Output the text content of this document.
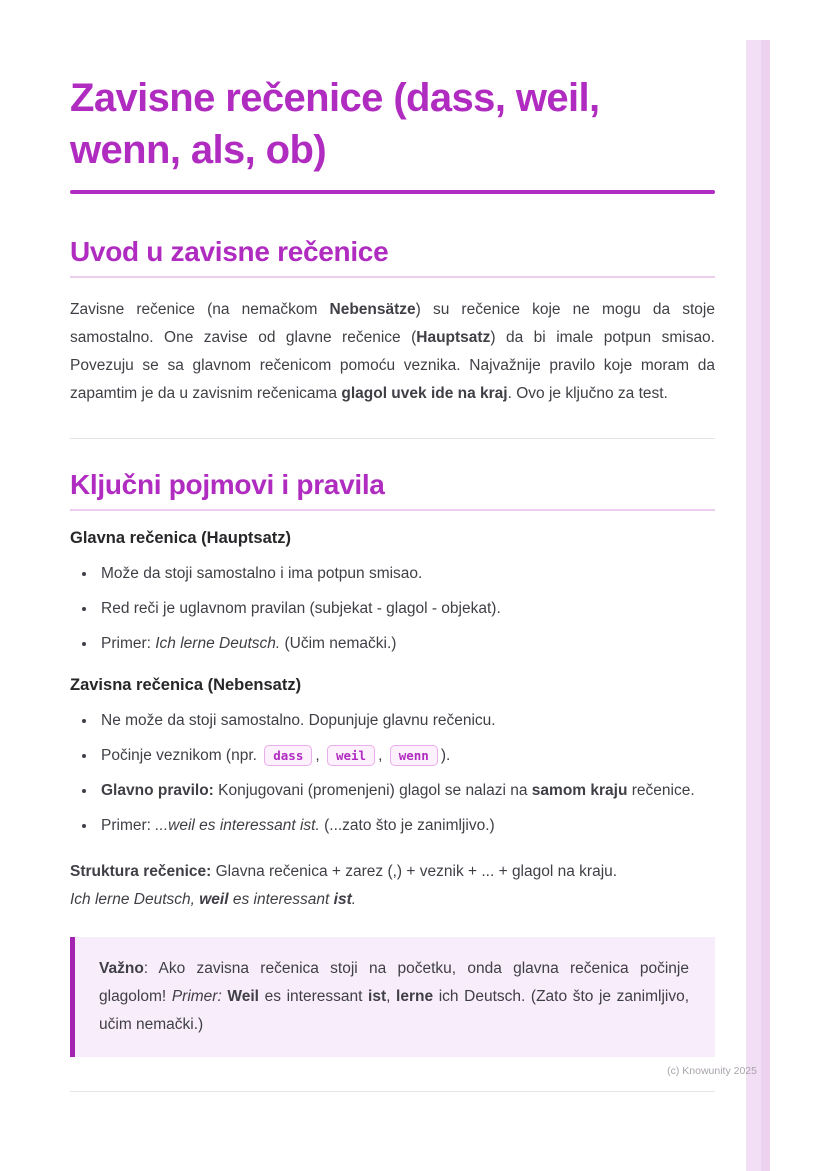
Zavisne rečenice (dass, weil, wenn, als, ob)
Uvod u zavisne rečenice

Zavisne rečenice (na nemačkom Nebensätze) su rečenice koje ne mogu da stoje samostalno. One zavise od glavne rečenice (Hauptsatz) da bi imale potpun smisao. Povezuju se sa glavnom rečenicom pomoću veznika. Najvažnije pravilo koje moram da zapamtim je da u zavisnim rečenicama glagol uvek ide na kraj. Ovo je ključno za test.

Ključni pojmovi i pravila
Glavna rečenica (Hauptsatz)
• Može da stoji samostalno i ima potpun smisao.
• Red reči je uglavnom pravilan (subjekat - glagol - objekat).
• Primer: Ich lerne Deutsch. (Učim nemački.)
Zavisna rečenica (Nebensatz)
• Ne može da stoji samostalno. Dopunjuje glavnu rečenicu.
• Počinje veznikom (npr. dass , weil , wenn ).
• Glavno pravilo: Konjugovani (promenjeni) glagol se nalazi na samom kraju rečenice.
• Primer: ...weil es interessant ist. (...zato što je zanimljivo.)

Struktura rečenice: Glavna rečenica + zarez (,) + veznik + ... + glagol na kraju.

Ich lerne Deutsch, weil es interessant ist.

Važno: Ako zavisna rečenica stoji na početku, onda glavna rečenica počinje glagolom! Primer: Weil es interessant ist, lerne ich Deutsch. (Zato što je zanimljivo, učim nemački.)

(c) Knowunity 2025
